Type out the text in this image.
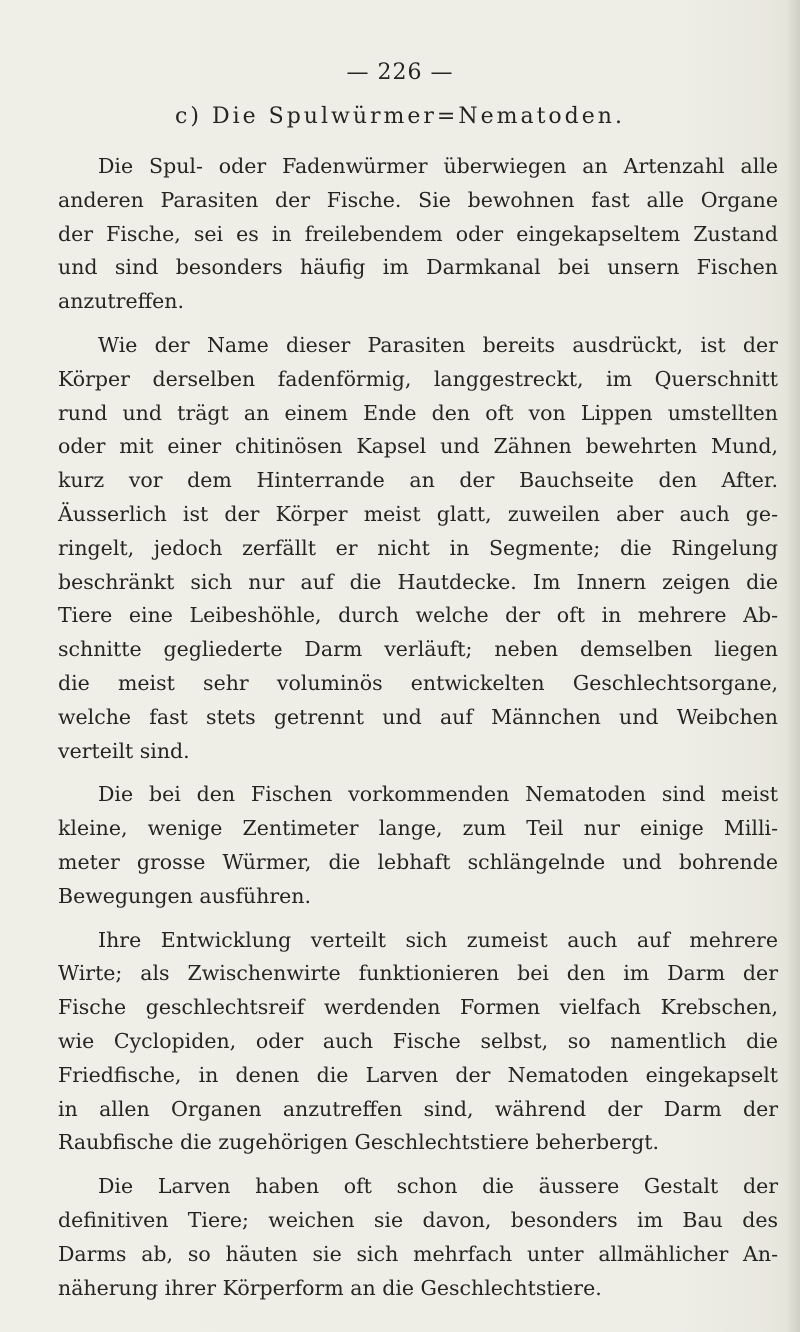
— 226 —
c) Die Spulwürmer=Nematoden.
Die Spul- oder Fadenwürmer überwiegen an Artenzahl alle
anderen Parasiten der Fische. Sie bewohnen fast alle Organe
der Fische, sei es in freilebendem oder eingekapseltem Zustand
und sind besonders häufig im Darmkanal bei unsern Fischen
anzutreffen.
Wie der Name dieser Parasiten bereits ausdrückt, ist der
Körper derselben fadenförmig, langgestreckt, im Querschnitt
rund und trägt an einem Ende den oft von Lippen umstellten
oder mit einer chitinösen Kapsel und Zähnen bewehrten Mund,
kurz vor dem Hinterrande an der Bauchseite den After.
Äusserlich ist der Körper meist glatt, zuweilen aber auch ge-
ringelt, jedoch zerfällt er nicht in Segmente; die Ringelung
beschränkt sich nur auf die Hautdecke. Im Innern zeigen die
Tiere eine Leibeshöhle, durch welche der oft in mehrere Ab-
schnitte gegliederte Darm verläuft; neben demselben liegen
die meist sehr voluminös entwickelten Geschlechtsorgane,
welche fast stets getrennt und auf Männchen und Weibchen
verteilt sind.
Die bei den Fischen vorkommenden Nematoden sind meist
kleine, wenige Zentimeter lange, zum Teil nur einige Milli-
meter grosse Würmer, die lebhaft schlängelnde und bohrende
Bewegungen ausführen.
Ihre Entwicklung verteilt sich zumeist auch auf mehrere
Wirte; als Zwischenwirte funktionieren bei den im Darm der
Fische geschlechtsreif werdenden Formen vielfach Krebschen,
wie Cyclopiden, oder auch Fische selbst, so namentlich die
Friedfische, in denen die Larven der Nematoden eingekapselt
in allen Organen anzutreffen sind, während der Darm der
Raubfische die zugehörigen Geschlechtstiere beherbergt.
Die Larven haben oft schon die äussere Gestalt der
definitiven Tiere; weichen sie davon, besonders im Bau des
Darms ab, so häuten sie sich mehrfach unter allmählicher An-
näherung ihrer Körperform an die Geschlechtstiere.
